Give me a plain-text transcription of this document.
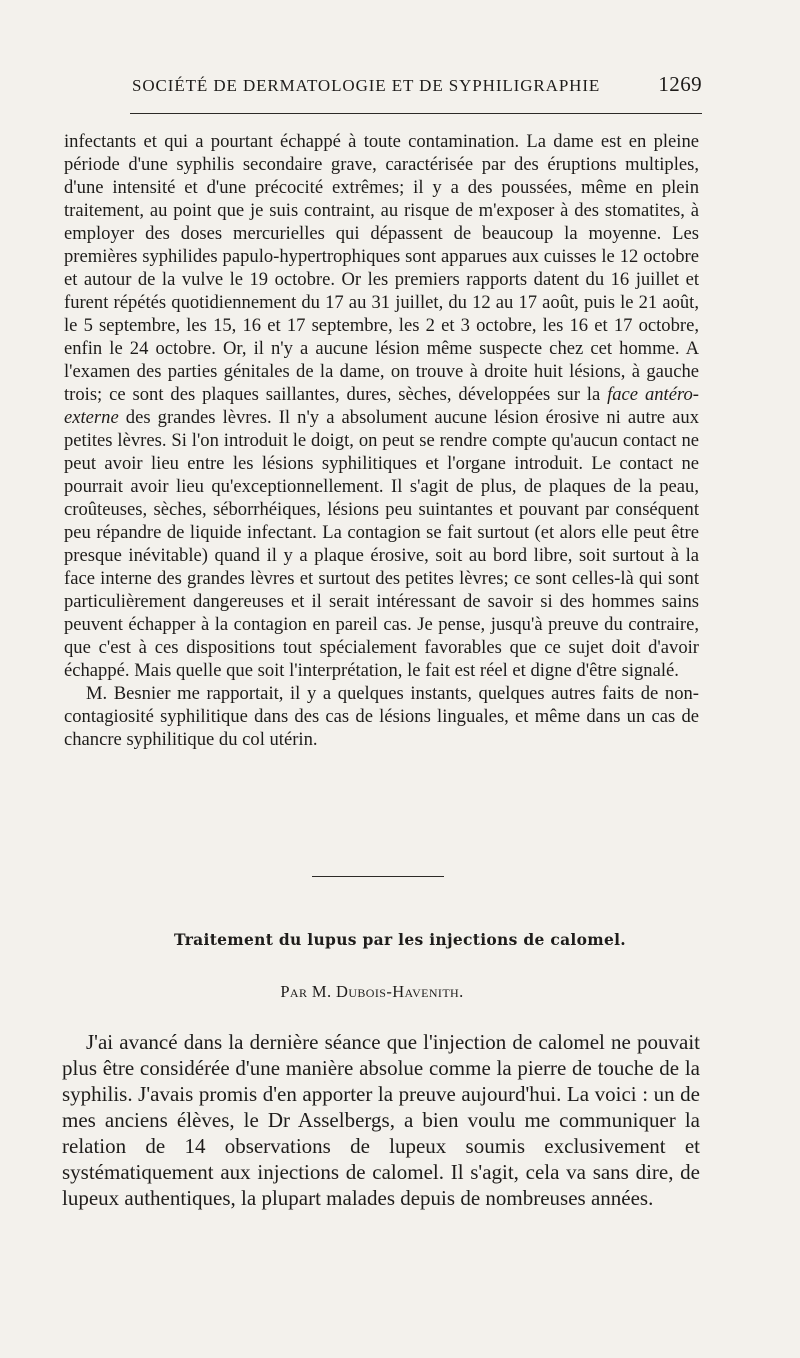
SOCIÉTÉ DE DERMATOLOGIE ET DE SYPHILIGRAPHIE	1269

infectants et qui a pourtant échappé à toute contamination. La dame est en pleine période d'une syphilis secondaire grave, caractérisée par des éruptions multiples, d'une intensité et d'une précocité extrêmes; il y a des poussées, même en plein traitement, au point que je suis contraint, au risque de m'exposer à des stomatites, à employer des doses mercurielles qui dépassent de beaucoup la moyenne. Les premières syphilides papulo-hypertrophiques sont apparues aux cuisses le 12 octobre et autour de la vulve le 19 octobre. Or les premiers rapports datent du 16 juillet et furent répétés quotidiennement du 17 au 31 juillet, du 12 au 17 août, puis le 21 août, le 5 septembre, les 15, 16 et 17 septembre, les 2 et 3 octobre, les 16 et 17 octobre, enfin le 24 octobre. Or, il n'y a aucune lésion même suspecte chez cet homme. A l'examen des parties génitales de la dame, on trouve à droite huit lésions, à gauche trois; ce sont des plaques saillantes, dures, sèches, développées sur la face antéro-externe des grandes lèvres. Il n'y a absolument aucune lésion érosive ni autre aux petites lèvres. Si l'on introduit le doigt, on peut se rendre compte qu'aucun contact ne peut avoir lieu entre les lésions syphilitiques et l'organe introduit. Le contact ne pourrait avoir lieu qu'exceptionnellement. Il s'agit de plus, de plaques de la peau, croûteuses, sèches, séborrhéiques, lésions peu suintantes et pouvant par conséquent peu répandre de liquide infectant. La contagion se fait surtout (et alors elle peut être presque inévitable) quand il y a plaque érosive, soit au bord libre, soit surtout à la face interne des grandes lèvres et surtout des petites lèvres; ce sont celles-là qui sont particulièrement dangereuses et il serait intéressant de savoir si des hommes sains peuvent échapper à la contagion en pareil cas. Je pense, jusqu'à preuve du contraire, que c'est à ces dispositions tout spécialement favorables que ce sujet doit d'avoir échappé. Mais quelle que soit l'interprétation, le fait est réel et digne d'être signalé.

M. Besnier me rapportait, il y a quelques instants, quelques autres faits de non-contagiosité syphilitique dans des cas de lésions linguales, et même dans un cas de chancre syphilitique du col utérin.

Traitement du lupus par les injections de calomel.
Par M. Dubois-Havenith.

J'ai avancé dans la dernière séance que l'injection de calomel ne pouvait plus être considérée d'une manière absolue comme la pierre de touche de la syphilis. J'avais promis d'en apporter la preuve aujourd'hui. La voici : un de mes anciens élèves, le Dr Asselbergs, a bien voulu me communiquer la relation de 14 observations de lupeux soumis exclusivement et systématiquement aux injections de calomel. Il s'agit, cela va sans dire, de lupeux authentiques, la plupart malades depuis de nombreuses années.
